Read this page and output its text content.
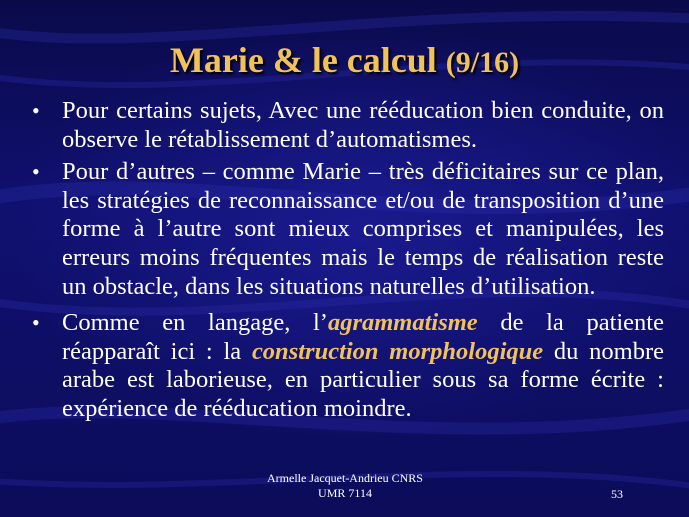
Marie & le calcul (9/16)
• Pour certains sujets, Avec une rééducation bien conduite, on observe le rétablissement d’automatismes.
• Pour d’autres – comme Marie – très déficitaires sur ce plan, les stratégies de reconnaissance et/ou de transposition d’une forme à l’autre sont mieux comprises et manipulées, les erreurs moins fréquentes mais le temps de réalisation reste un obstacle, dans les situations naturelles d’utilisation.
• Comme en langage, l’agrammatisme de la patiente réapparaît ici : la construction morphologique du nombre arabe est laborieuse, en particulier sous sa forme écrite : expérience de rééducation moindre.
Armelle Jacquet-Andrieu CNRS
UMR 7114	53
